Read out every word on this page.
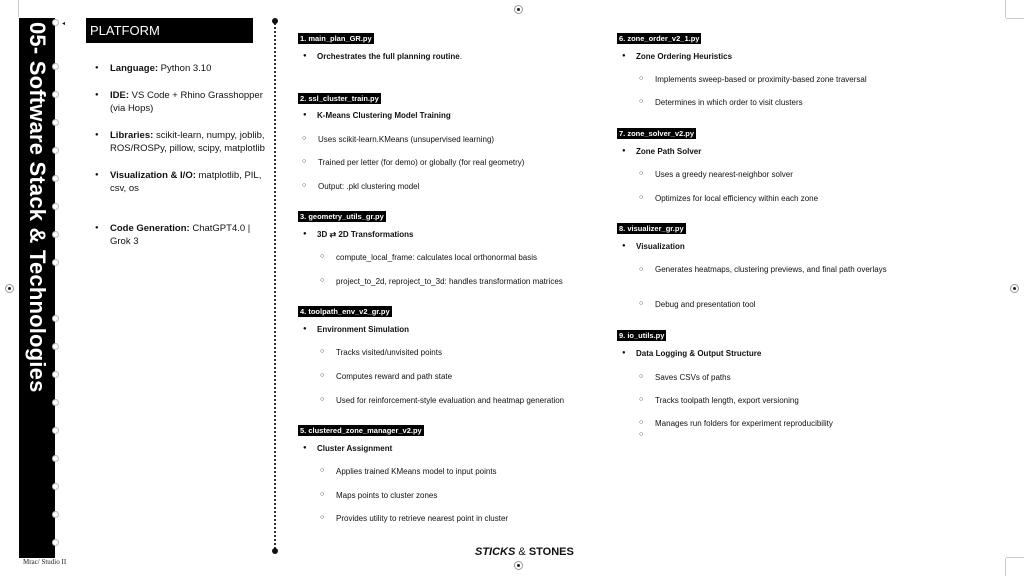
05- Software Stack & Technologies
Mrac/ Studio II
◂	PLATFORM
● Language: Python 3.10
● IDE: VS Code + Rhino Grasshopper (via Hops)
● Libraries: scikit-learn, numpy, joblib, ROS/ROSPy, pillow, scipy, matplotlib
● Visualization & I/O: matplotlib, PIL, csv, os
● Code Generation: ChatGPT4.0 | Grok 3
1. main_plan_GR.py
● Orchestrates the full planning routine.
2. ssl_cluster_train.py
● K-Means Clustering Model Training
○ Uses scikit-learn.KMeans (unsupervised learning)
○ Trained per letter (for demo) or globally (for real geometry)
○ Output: .pkl clustering model
3. geometry_utils_gr.py
● 3D ⇄ 2D Transformations
○ compute_local_frame: calculates local orthonormal basis
○ project_to_2d, reproject_to_3d: handles transformation matrices
4. toolpath_env_v2_gr.py
● Environment Simulation
○ Tracks visited/unvisited points
○ Computes reward and path state
○ Used for reinforcement-style evaluation and heatmap generation
5. clustered_zone_manager_v2.py
● Cluster Assignment
○ Applies trained KMeans model to input points
○ Maps points to cluster zones
○ Provides utility to retrieve nearest point in cluster
6. zone_order_v2_1.py
● Zone Ordering Heuristics
○ Implements sweep-based or proximity-based zone traversal
○ Determines in which order to visit clusters
7. zone_solver_v2.py
● Zone Path Solver
○ Uses a greedy nearest-neighbor solver
○ Optimizes for local efficiency within each zone
8. visualizer_gr.py
● Visualization
○ Generates heatmaps, clustering previews, and final path overlays
○ Debug and presentation tool
9. io_utils.py
● Data Logging & Output Structure
○ Saves CSVs of paths
○ Tracks toolpath length, export versioning
○ Manages run folders for experiment reproducibility
STICKS & STONES
